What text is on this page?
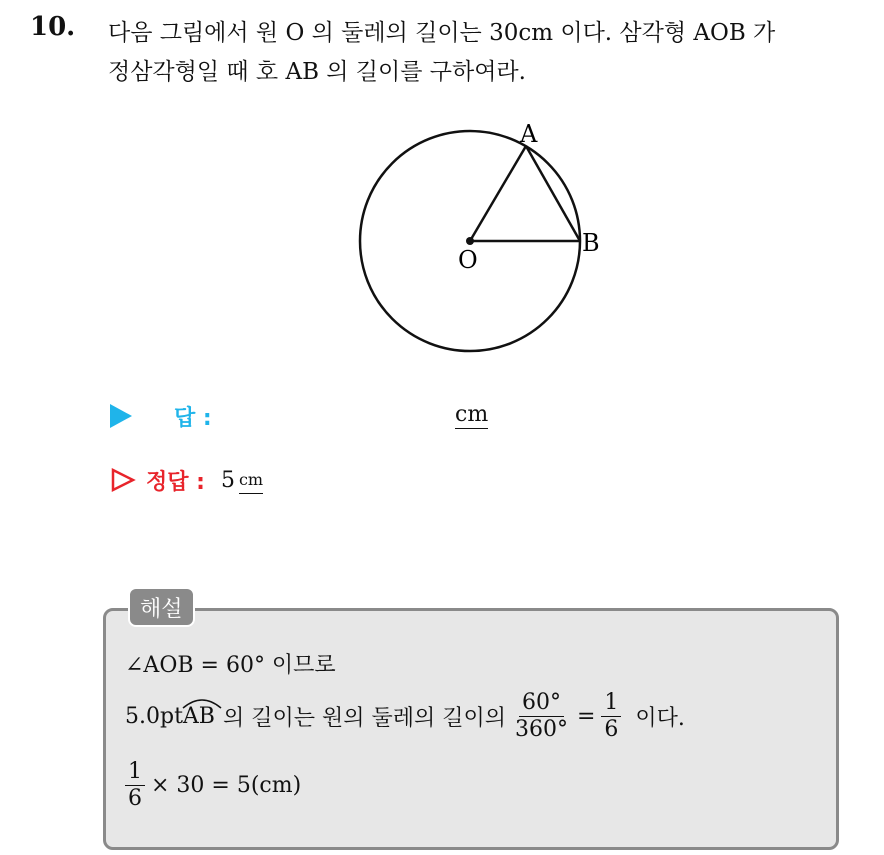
10. 다음 그림에서 원 O 의 둘레의 길이는 30cm 이다. 삼각형 AOB 가
정삼각형일 때 호 AB 의 길이를 구하여라.
A
B
O
답 :	cm
정답 : 5 cm
해설
∠AOB = 60° 이므로
5.0pt AB 의 길이는 원의 둘레의 길이의 $\frac{60^\circ}{360^\circ} = \frac{1}{6}$ 이다.
$\frac{1}{6} \times 30 = 5(cm)$
